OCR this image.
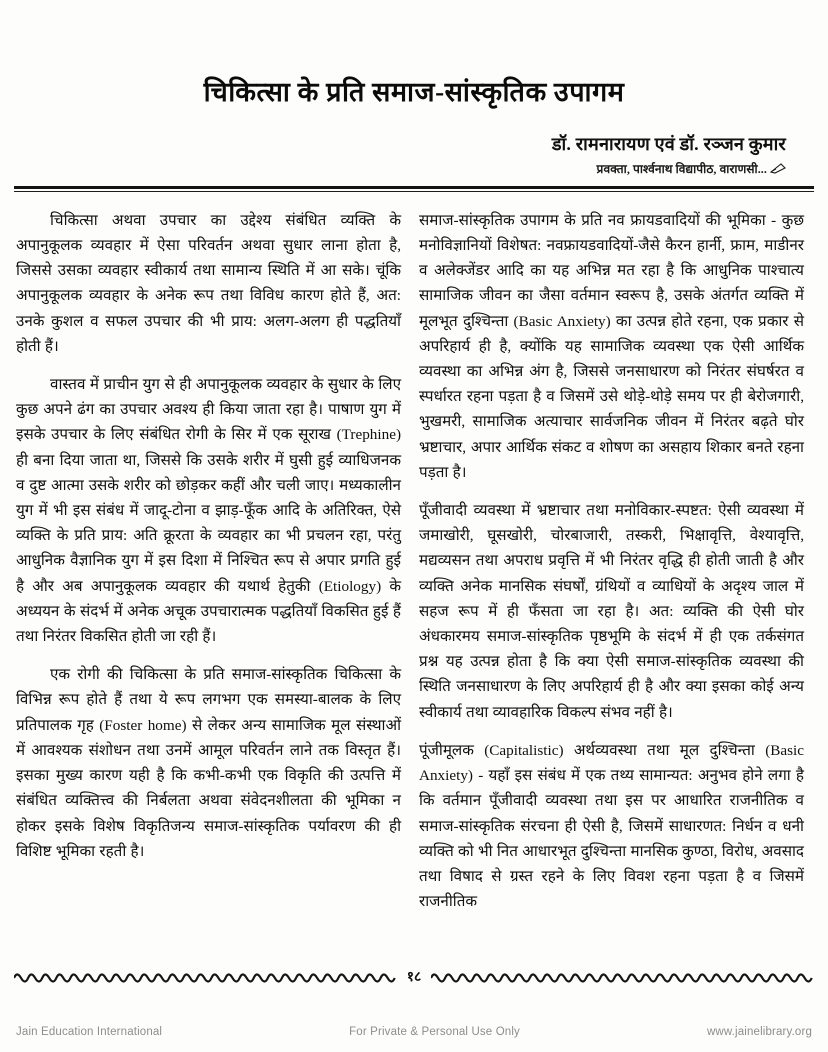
चिकित्सा के प्रति समाज-सांस्कृतिक उपागम
डॉ. रामनारायण एवं डॉ. रञ्जन कुमार
प्रवक्ता, पार्श्वनाथ विद्यापीठ, वाराणसी...

चिकित्सा अथवा उपचार का उद्देश्य संबंधित व्यक्ति के अपानुकूलक व्यवहार में ऐसा परिवर्तन अथवा सुधार लाना होता है, जिससे उसका व्यवहार स्वीकार्य तथा सामान्य स्थिति में आ सके। चूंकि अपानुकूलक व्यवहार के अनेक रूप तथा विविध कारण होते हैं, अत: उनके कुशल व सफल उपचार की भी प्राय: अलग-अलग ही पद्धतियाँ होती हैं।

वास्तव में प्राचीन युग से ही अपानुकूलक व्यवहार के सुधार के लिए कुछ अपने ढंग का उपचार अवश्य ही किया जाता रहा है। पाषाण युग में इसके उपचार के लिए संबंधित रोगी के सिर में एक सूराख (Trephine) ही बना दिया जाता था, जिससे कि उसके शरीर में घुसी हुई व्याधिजनक व दुष्ट आत्मा उसके शरीर को छोड़कर कहीं और चली जाए। मध्यकालीन युग में भी इस संबंध में जादू-टोना व झाड़-फूँक आदि के अतिरिक्त, ऐसे व्यक्ति के प्रति प्राय: अति क्रूरता के व्यवहार का भी प्रचलन रहा, परंतु आधुनिक वैज्ञानिक युग में इस दिशा में निश्चित रूप से अपार प्रगति हुई है और अब अपानुकूलक व्यवहार की यथार्थ हेतुकी (Etiology) के अध्ययन के संदर्भ में अनेक अचूक उपचारात्मक पद्धतियाँ विकसित हुई हैं तथा निरंतर विकसित होती जा रही हैं।

एक रोगी की चिकित्सा के प्रति समाज-सांस्कृतिक चिकित्सा के विभिन्न रूप होते हैं तथा ये रूप लगभग एक समस्या-बालक के लिए प्रतिपालक गृह (Foster home) से लेकर अन्य सामाजिक मूल संस्थाओं में आवश्यक संशोधन तथा उनमें आमूल परिवर्तन लाने तक विस्तृत हैं। इसका मुख्य कारण यही है कि कभी-कभी एक विकृति की उत्पत्ति में संबंधित व्यक्तित्त्व की निर्बलता अथवा संवेदनशीलता की भूमिका न होकर इसके विशेष विकृतिजन्य समाज-सांस्कृतिक पर्यावरण की ही विशिष्ट भूमिका रहती है।

समाज-सांस्कृतिक उपागम के प्रति नव फ्रायडवादियों की भूमिका - कुछ मनोविज्ञानियों विशेषत: नवफ्रायडवादियों-जैसे कैरन हार्नी, फ्राम, माडीनर व अलेक्जेंडर आदि का यह अभिन्न मत रहा है कि आधुनिक पाश्चात्य सामाजिक जीवन का जैसा वर्तमान स्वरूप है, उसके अंतर्गत व्यक्ति में मूलभूत दुश्चिन्ता (Basic Anxiety) का उत्पन्न होते रहना, एक प्रकार से अपरिहार्य ही है, क्योंकि यह सामाजिक व्यवस्था एक ऐसी आर्थिक व्यवस्था का अभिन्न अंग है, जिससे जनसाधारण को निरंतर संघर्षरत व स्पर्धारत रहना पड़ता है व जिसमें उसे थोड़े-थोड़े समय पर ही बेरोजगारी, भुखमरी, सामाजिक अत्याचार सार्वजनिक जीवन में निरंतर बढ़ते घोर भ्रष्टाचार, अपार आर्थिक संकट व शोषण का असहाय शिकार बनते रहना पड़ता है।

पूँजीवादी व्यवस्था में भ्रष्टाचार तथा मनोविकार-स्पष्टत: ऐसी व्यवस्था में जमाखोरी, घूसखोरी, चोरबाजारी, तस्करी, भिक्षावृत्ति, वेश्यावृत्ति, मद्यव्यसन तथा अपराध प्रवृत्ति में भी निरंतर वृद्धि ही होती जाती है और व्यक्ति अनेक मानसिक संघर्षों, ग्रंथियों व व्याधियों के अदृश्य जाल में सहज रूप में ही फँसता जा रहा है। अत: व्यक्ति की ऐसी घोर अंधकारमय समाज-सांस्कृतिक पृष्ठभूमि के संदर्भ में ही एक तर्कसंगत प्रश्न यह उत्पन्न होता है कि क्या ऐसी समाज-सांस्कृतिक व्यवस्था की स्थिति जनसाधारण के लिए अपरिहार्य ही है और क्या इसका कोई अन्य स्वीकार्य तथा व्यावहारिक विकल्प संभव नहीं है।

पूंजीमूलक (Capitalistic) अर्थव्यवस्था तथा मूल दुश्चिन्ता (Basic Anxiety) - यहाँ इस संबंध में एक तथ्य सामान्यत: अनुभव होने लगा है कि वर्तमान पूँजीवादी व्यवस्था तथा इस पर आधारित राजनीतिक व समाज-सांस्कृतिक संरचना ही ऐसी है, जिसमें साधारणत: निर्धन व धनी व्यक्ति को भी नित आधारभूत दुश्चिन्ता मानसिक कुण्ठा, विरोध, अवसाद तथा विषाद से ग्रस्त रहने के लिए विवश रहना पड़ता है व जिसमें राजनीतिक

१८
Jain Education International	For Private & Personal Use Only	www.jainelibrary.org
